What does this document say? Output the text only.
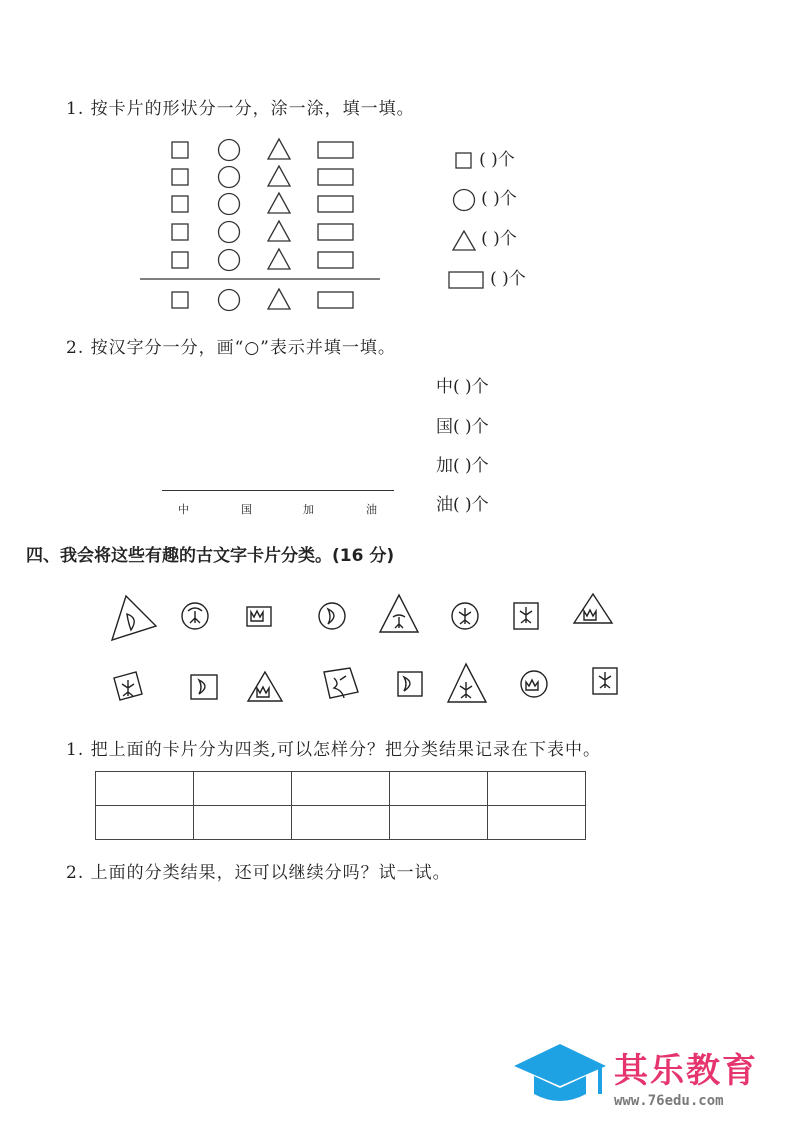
1. 按卡片的形状分一分，涂一涂，填一填。
( )个
( )个
( )个
( )个
2. 按汉字分一分，画“○”表示并填一填。
中	国	加	油
中( )个
国( )个
加( )个
油( )个
四、我会将这些有趣的古文字卡片分类。(16 分)
1. 把上面的卡片分为四类,可以怎样分？把分类结果记录在下表中。

2. 上面的分类结果，还可以继续分吗？试一试。
其乐教育
www.76edu.com
